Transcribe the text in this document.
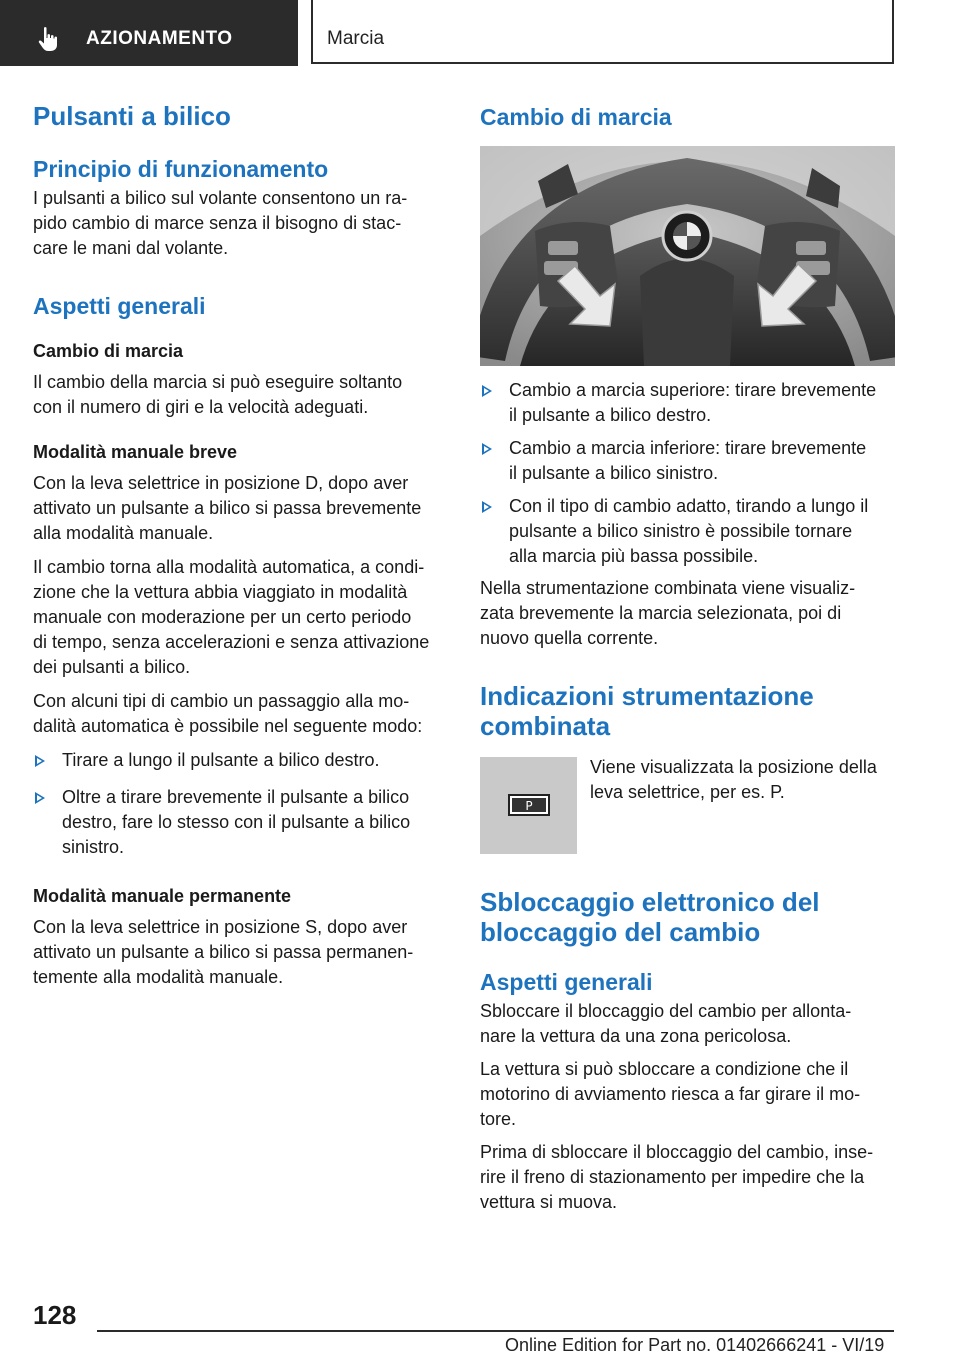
AZIONAMENTO	Marcia
Pulsanti a bilico
Principio di funzionamento

I pulsanti a bilico sul volante consentono un ra-
pido cambio di marce senza il bisogno di stac-
care le mani dal volante.

Aspetti generali
Cambio di marcia

Il cambio della marcia si può eseguire soltanto
con il numero di giri e la velocità adeguati.

Modalità manuale breve

Con la leva selettrice in posizione D, dopo aver
attivato un pulsante a bilico si passa brevemente
alla modalità manuale.

Il cambio torna alla modalità automatica, a condi-
zione che la vettura abbia viaggiato in modalità
manuale con moderazione per un certo periodo
di tempo, senza accelerazioni e senza attivazione
dei pulsanti a bilico.

Con alcuni tipi di cambio un passaggio alla mo-
dalità automatica è possibile nel seguente modo:

Tirare a lungo il pulsante a bilico destro.
Oltre a tirare brevemente il pulsante a bilico
destro, fare lo stesso con il pulsante a bilico
sinistro.
Modalità manuale permanente

Con la leva selettrice in posizione S, dopo aver
attivato un pulsante a bilico si passa permanen-
temente alla modalità manuale.

Cambio di marcia
Cambio a marcia superiore: tirare brevemente
il pulsante a bilico destro.
Cambio a marcia inferiore: tirare brevemente
il pulsante a bilico sinistro.
Con il tipo di cambio adatto, tirando a lungo il
pulsante a bilico sinistro è possibile tornare
alla marcia più bassa possibile.

Nella strumentazione combinata viene visualiz-
zata brevemente la marcia selezionata, poi di
nuovo quella corrente.

Indicazioni strumentazione
combinata
P

Viene visualizzata la posizione della
leva selettrice, per es. P.

Sbloccaggio elettronico del
bloccaggio del cambio
Aspetti generali

Sbloccare il bloccaggio del cambio per allonta-
nare la vettura da una zona pericolosa.

La vettura si può sbloccare a condizione che il
motorino di avviamento riesca a far girare il mo-
tore.

Prima di sbloccare il bloccaggio del cambio, inse-
rire il freno di stazionamento per impedire che la
vettura si muova.

128
Online Edition for Part no. 01402666241 - VI/19
